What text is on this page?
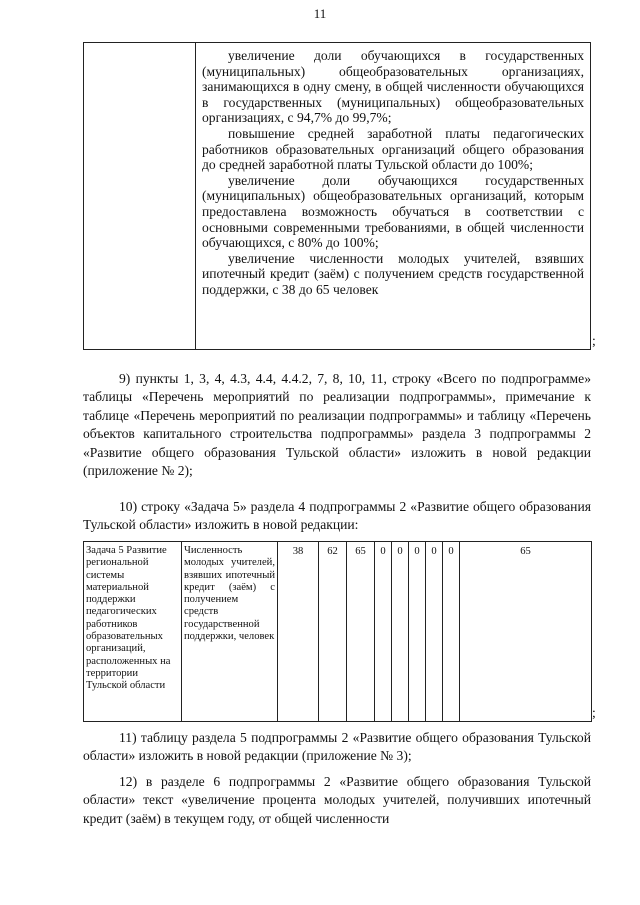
11

увеличение доли обучающихся в государственных (муниципальных) общеобразовательных организациях, занимающихся в одну смену, в общей численности обучающихся в государственных (муниципальных) общеобразовательных организациях, с 94,7% до 99,7%;

повышение средней заработной платы педагогических работников образовательных организаций общего образования до средней заработной платы Тульской области до 100%;

увеличение доли обучающихся государственных (муниципальных) общеобразовательных организаций, которым предоставлена возможность обучаться в соответствии с основными современными требованиями, в общей численности обучающихся, с 80% до 100%;

увеличение численности молодых учителей, взявших ипотечный кредит (заём) с получением средств государственной поддержки, с 38 до 65 человек

;

9) пункты 1, 3, 4, 4.3, 4.4, 4.4.2, 7, 8, 10, 11, строку «Всего по подпрограмме» таблицы «Перечень мероприятий по реализации подпрограммы», примечание к таблице «Перечень мероприятий по реализации подпрограммы» и таблицу «Перечень объектов капитального строительства подпрограммы» раздела 3 подпрограммы 2 «Развитие общего образования Тульской области» изложить в новой редакции (приложение № 2);

10) строку «Задача 5» раздела 4 подпрограммы 2 «Развитие общего образования Тульской области» изложить в новой редакции:

Задача 5 Развитие региональной системы материальной поддержки педагогических работников образовательных организаций, расположенных на территории Тульской области	Численность молодых учителей, взявших ипотечный кредит (заём) с получением средств государственной поддержки, человек	38	62	65	0	0	0	0	0	65
;

11) таблицу раздела 5 подпрограммы 2 «Развитие общего образования Тульской области» изложить в новой редакции (приложение № 3);

12) в разделе 6 подпрограммы 2 «Развитие общего образования Тульской области» текст «увеличение процента молодых учителей, получивших ипотечный кредит (заём) в текущем году, от общей численности
